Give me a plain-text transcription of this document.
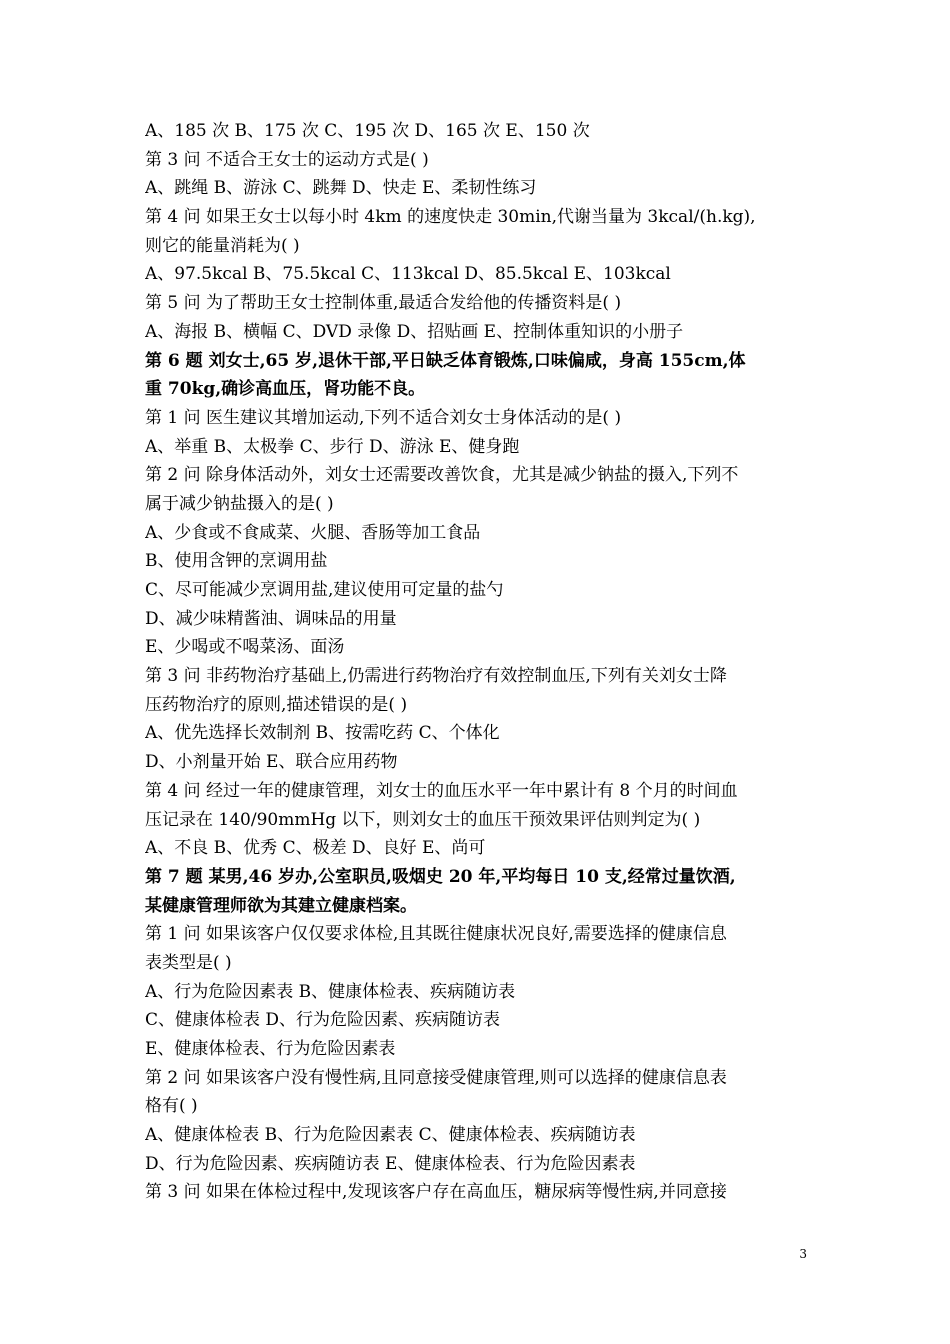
A、185 次 B、175 次 C、195 次 D、165 次 E、150 次
第 3 问 不适合王女士的运动方式是( )
A、跳绳 B、游泳 C、跳舞 D、快走 E、柔韧性练习
第 4 问 如果王女士以每小时 4km 的速度快走 30min,代谢当量为 3kcal/(h.kg),
则它的能量消耗为( )
A、97.5kcal B、75.5kcal C、113kcal D、85.5kcal E、103kcal
第 5 问 为了帮助王女士控制体重,最适合发给他的传播资料是( )
A、海报 B、横幅 C、DVD 录像 D、招贴画 E、控制体重知识的小册子
第 6 题 刘女士,65 岁,退休干部,平日缺乏体育锻炼,口味偏咸，身高 155cm,体
重 70kg,确诊高血压，肾功能不良。
第 1 问 医生建议其增加运动,下列不适合刘女士身体活动的是( )
A、举重 B、太极拳 C、步行 D、游泳 E、健身跑
第 2 问 除身体活动外，刘女士还需要改善饮食，尤其是减少钠盐的摄入,下列不
属于减少钠盐摄入的是( )
A、少食或不食咸菜、火腿、香肠等加工食品
B、使用含钾的烹调用盐
C、尽可能减少烹调用盐,建议使用可定量的盐勺
D、减少味精酱油、调味品的用量
E、少喝或不喝菜汤、面汤
第 3 问 非药物治疗基础上,仍需进行药物治疗有效控制血压,下列有关刘女士降
压药物治疗的原则,描述错误的是( )
A、优先选择长效制剂 B、按需吃药 C、个体化
D、小剂量开始 E、联合应用药物
第 4 问 经过一年的健康管理，刘女士的血压水平一年中累计有 8 个月的时间血
压记录在 140/90mmHg 以下，则刘女士的血压干预效果评估则判定为( )
A、不良 B、优秀 C、极差 D、良好 E、尚可
第 7 题 某男,46 岁办,公室职员,吸烟史 20 年,平均每日 10 支,经常过量饮酒,
某健康管理师欲为其建立健康档案。
第 1 问 如果该客户仅仅要求体检,且其既往健康状况良好,需要选择的健康信息
表类型是( )
A、行为危险因素表 B、健康体检表、疾病随访表
C、健康体检表 D、行为危险因素、疾病随访表
E、健康体检表、行为危险因素表
第 2 问 如果该客户没有慢性病,且同意接受健康管理,则可以选择的健康信息表
格有( )
A、健康体检表 B、行为危险因素表 C、健康体检表、疾病随访表
D、行为危险因素、疾病随访表 E、健康体检表、行为危险因素表
第 3 问 如果在体检过程中,发现该客户存在高血压，糖尿病等慢性病,并同意接
3
